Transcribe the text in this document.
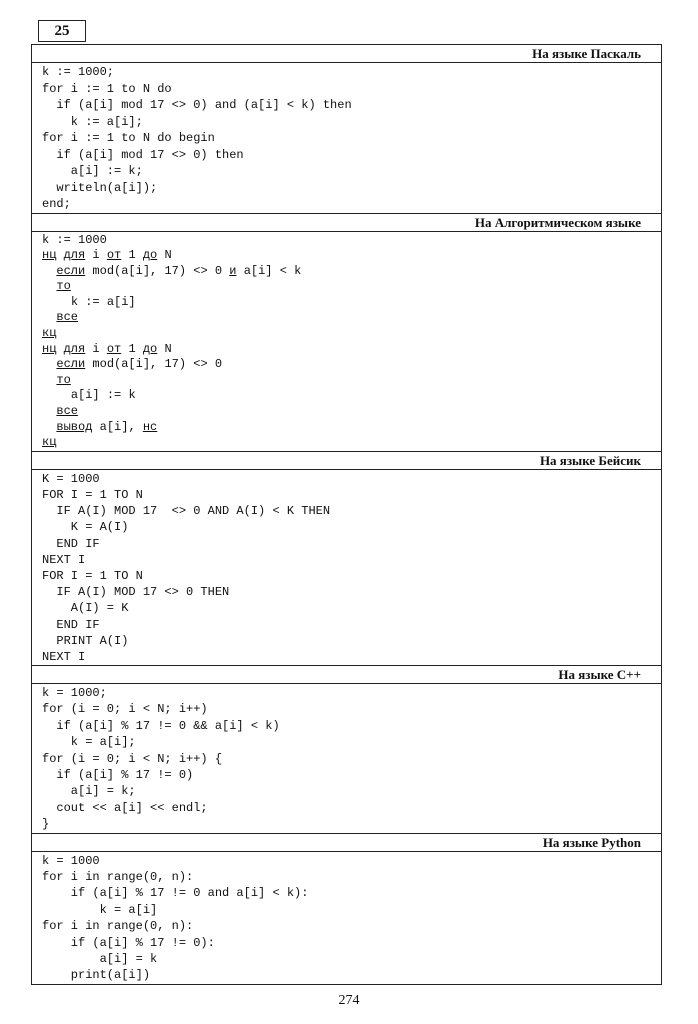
25
На языке Паскаль
k := 1000;
for i := 1 to N do
if (a[i] mod 17 <> 0) and (a[i] < k) then
k := a[i];
for i := 1 to N do begin
if (a[i] mod 17 <> 0) then
a[i] := k;
writeln(a[i]);
end;
На Алгоритмическом языке
k := 1000
нц для i от 1 до N
если mod(a[i], 17) <> 0 и a[i] < k
то
k := a[i]
все
кц
нц для i от 1 до N
если mod(a[i], 17) <> 0
то
a[i] := k
все
вывод a[i], нс
кц
На языке Бейсик
K = 1000
FOR I = 1 TO N
IF A(I) MOD 17  <> 0 AND A(I) < K THEN
K = A(I)
END IF
NEXT I
FOR I = 1 TO N
IF A(I) MOD 17 <> 0 THEN
A(I) = K
END IF
PRINT A(I)
NEXT I
На языке С++
k = 1000;
for (i = 0; i < N; i++)
if (a[i] % 17 != 0 && a[i] < k)
k = a[i];
for (i = 0; i < N; i++) {
if (a[i] % 17 != 0)
a[i] = k;
cout << a[i] << endl;
}
На языке Python
k = 1000
for i in range(0, n):
if (a[i] % 17 != 0 and a[i] < k):
k = a[i]
for i in range(0, n):
if (a[i] % 17 != 0):
a[i] = k
print(a[i])
274
